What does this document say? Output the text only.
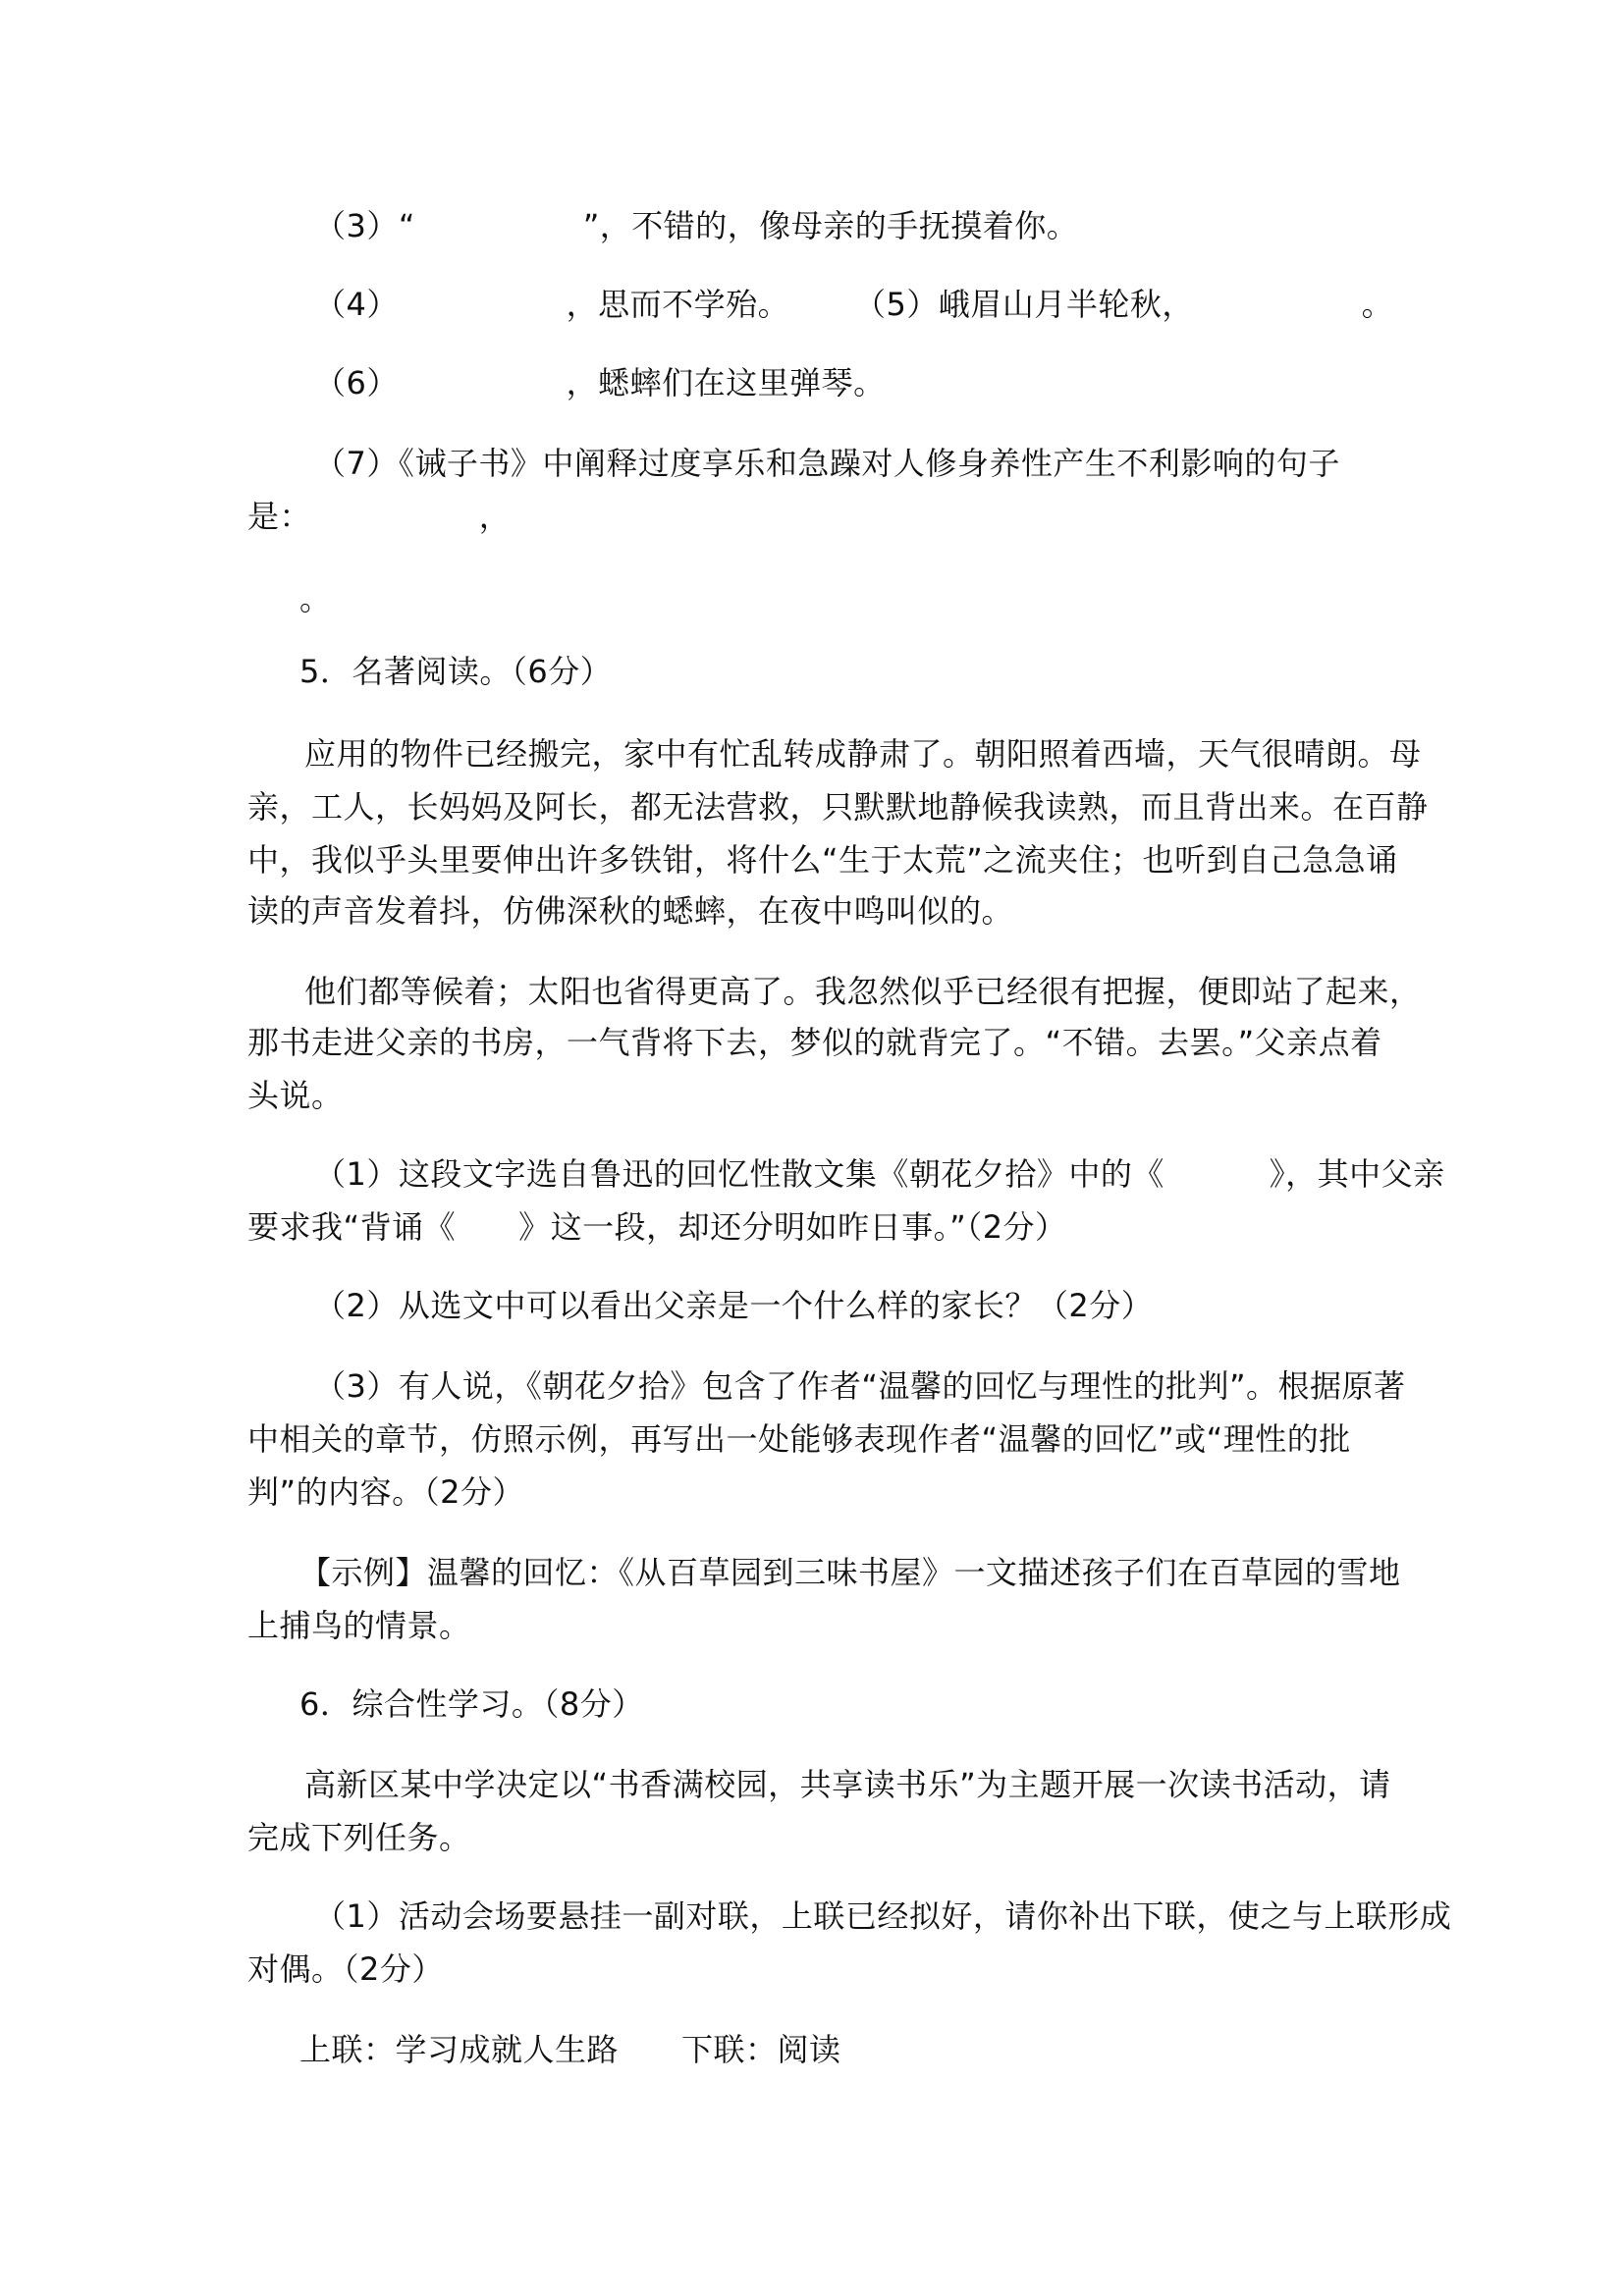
（3）“                ”，不错的，像母亲的手抚摸着你。
（4）                ，思而不学殆。 （5）峨眉山月半轮秋，                。
（6）                ，蟋蟀们在这里弹琴。
（7）《诫子书》中阐释过度享乐和急躁对人修身养性产生不利影响的句子
是：                ，
。
5．名著阅读。（6分）
应用的物件已经搬完，家中有忙乱转成静肃了。朝阳照着西墙，天气很晴朗。母
亲，工人，长妈妈及阿长，都无法营救，只默默地静候我读熟，而且背出来。在百静
中，我似乎头里要伸出许多铁钳，将什么“生于太荒”之流夹住；也听到自己急急诵
读的声音发着抖，仿佛深秋的蟋蟀，在夜中鸣叫似的。
他们都等候着；太阳也省得更高了。我忽然似乎已经很有把握，便即站了起来，
那书走进父亲的书房，一气背将下去，梦似的就背完了。“不错。去罢。”父亲点着
头说。
（1）这段文字选自鲁迅的回忆性散文集《朝花夕拾》中的《          》，其中父亲
要求我“背诵《      》这一段，却还分明如昨日事。”（2分）
（2）从选文中可以看出父亲是一个什么样的家长？（2分）
（3）有人说，《朝花夕拾》包含了作者“温馨的回忆与理性的批判”。根据原著
中相关的章节，仿照示例，再写出一处能够表现作者“温馨的回忆”或“理性的批
判”的内容。（2分）
【示例】温馨的回忆：《从百草园到三味书屋》一文描述孩子们在百草园的雪地
上捕鸟的情景。
6．综合性学习。（8分）
高新区某中学决定以“书香满校园，共享读书乐”为主题开展一次读书活动，请
完成下列任务。
（1）活动会场要悬挂一副对联，上联已经拟好，请你补出下联，使之与上联形成
对偶。（2分）
上联：学习成就人生路      下联：阅读
